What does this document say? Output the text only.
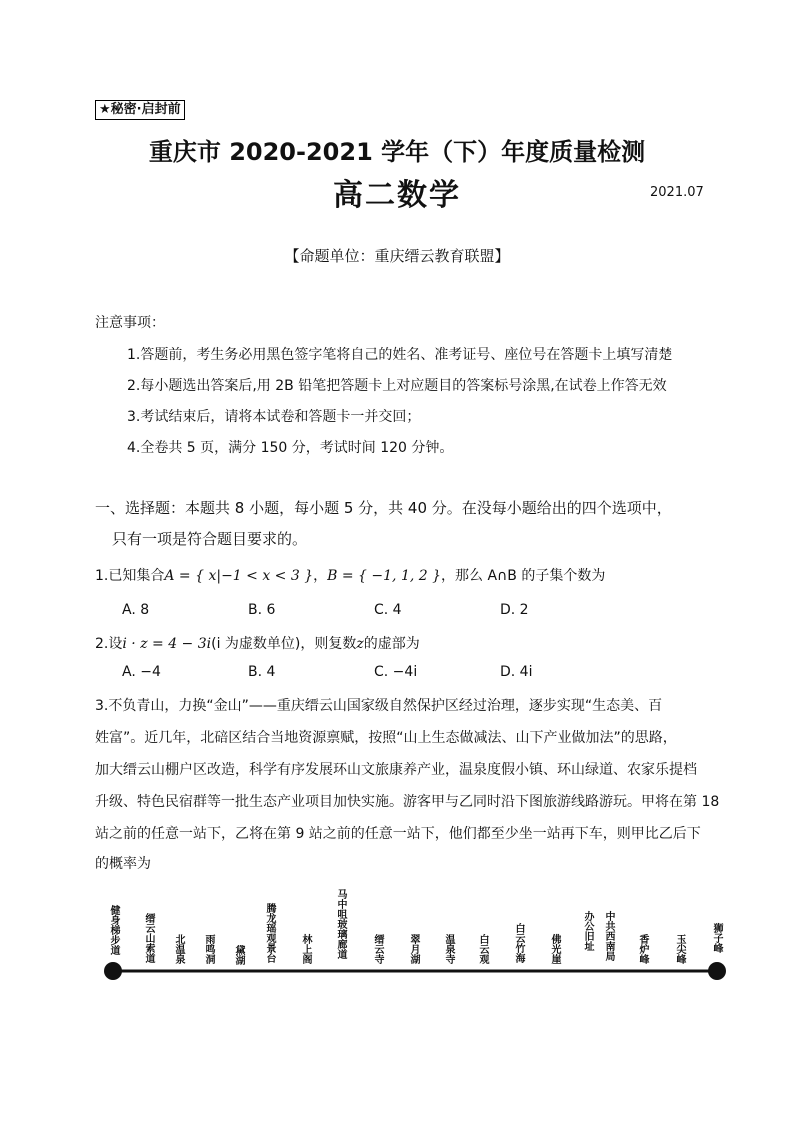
★秘密·启封前
重庆市 2020-2021 学年（下）年度质量检测
高二数学	2021.07
【命题单位：重庆缙云教育联盟】
注意事项：
1.答题前，考生务必用黑色签字笔将自己的姓名、准考证号、座位号在答题卡上填写清楚
2.每小题选出答案后,用 2B 铅笔把答题卡上对应题目的答案标号涂黑,在试卷上作答无效
3.考试结束后，请将本试卷和答题卡一并交回；
4.全卷共 5 页，满分 150 分，考试时间 120 分钟。
一、选择题：本题共 8 小题，每小题 5 分，共 40 分。在没每小题给出的四个选项中，
只有一项是符合题目要求的。
1.已知集合A = { x|−1 < x < 3 }，B = { −1, 1, 2 }，那么 A∩B 的子集个数为
A. 8	B. 6	C. 4	D. 2
2.设i · z = 4 − 3i(i 为虚数单位)，则复数z的虚部为
A. −4	B. 4	C. −4i	D. 4i
3.不负青山，力换“金山”——重庆缙云山国家级自然保护区经过治理，逐步实现“生态美、百
姓富”。近几年，北碚区结合当地资源禀赋，按照“山上生态做减法、山下产业做加法”的思路，
加大缙云山棚户区改造，科学有序发展环山文旅康养产业，温泉度假小镇、环山绿道、农家乐提档
升级、特色民宿群等一批生态产业项目加快实施。游客甲与乙同时沿下图旅游线路游玩。甲将在第 18
站之前的任意一站下，乙将在第 9 站之前的任意一站下，他们都至少坐一站再下车，则甲比乙后下
的概率为
健身梯步道 缙云山索道 北温泉 雨鸣洞 黛湖 腾龙瑶观景台	林上阁 马中咀玻璃廊道	缙云寺	翠月湖 温泉寺 白云观	白云竹海	佛光崖 办公旧址 中共西南局 香炉峰	玉尖峰	狮子峰
